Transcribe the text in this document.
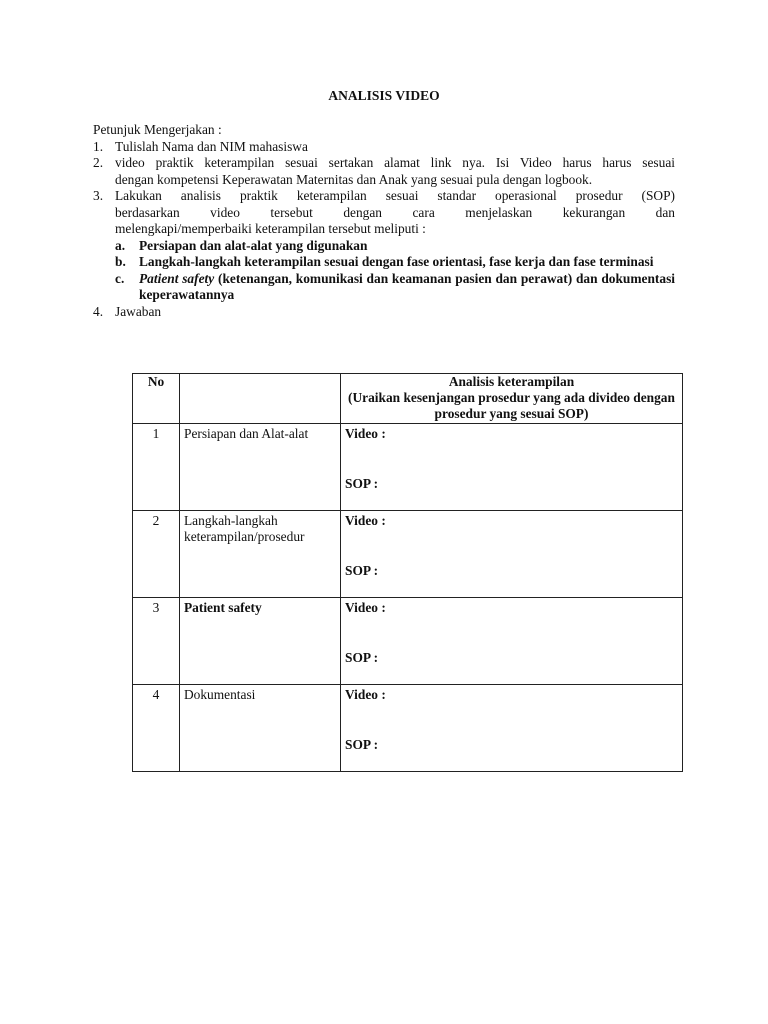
ANALISIS VIDEO
Petunjuk Mengerjakan :
1. Tulislah Nama dan NIM mahasiswa
2. video praktik keterampilan sesuai sertakan alamat link nya. Isi Video harus harus sesuai
dengan kompetensi Keperawatan Maternitas dan Anak yang sesuai pula dengan logbook.
3. Lakukan analisis praktik keterampilan sesuai standar operasional prosedur (SOP)
berdasarkan video tersebut dengan cara menjelaskan kekurangan dan
melengkapi/memperbaiki keterampilan tersebut meliputi :
a. Persiapan dan alat-alat yang digunakan
b. Langkah-langkah keterampilan sesuai dengan fase orientasi, fase kerja dan fase terminasi
c. Patient safety (ketenangan, komunikasi dan keamanan pasien dan perawat) dan dokumentasi keperawatannya
4. Jawaban
No		Analisis keterampilan
(Uraikan kesenjangan prosedur yang ada divideo dengan prosedur yang sesuai SOP)

1	Persiapan dan Alat-alat	Video :
SOP :

2	Langkah-langkah keterampilan/prosedur	Video :
SOP :

3	Patient safety	Video :
SOP :

4	Dokumentasi	Video :
SOP :
